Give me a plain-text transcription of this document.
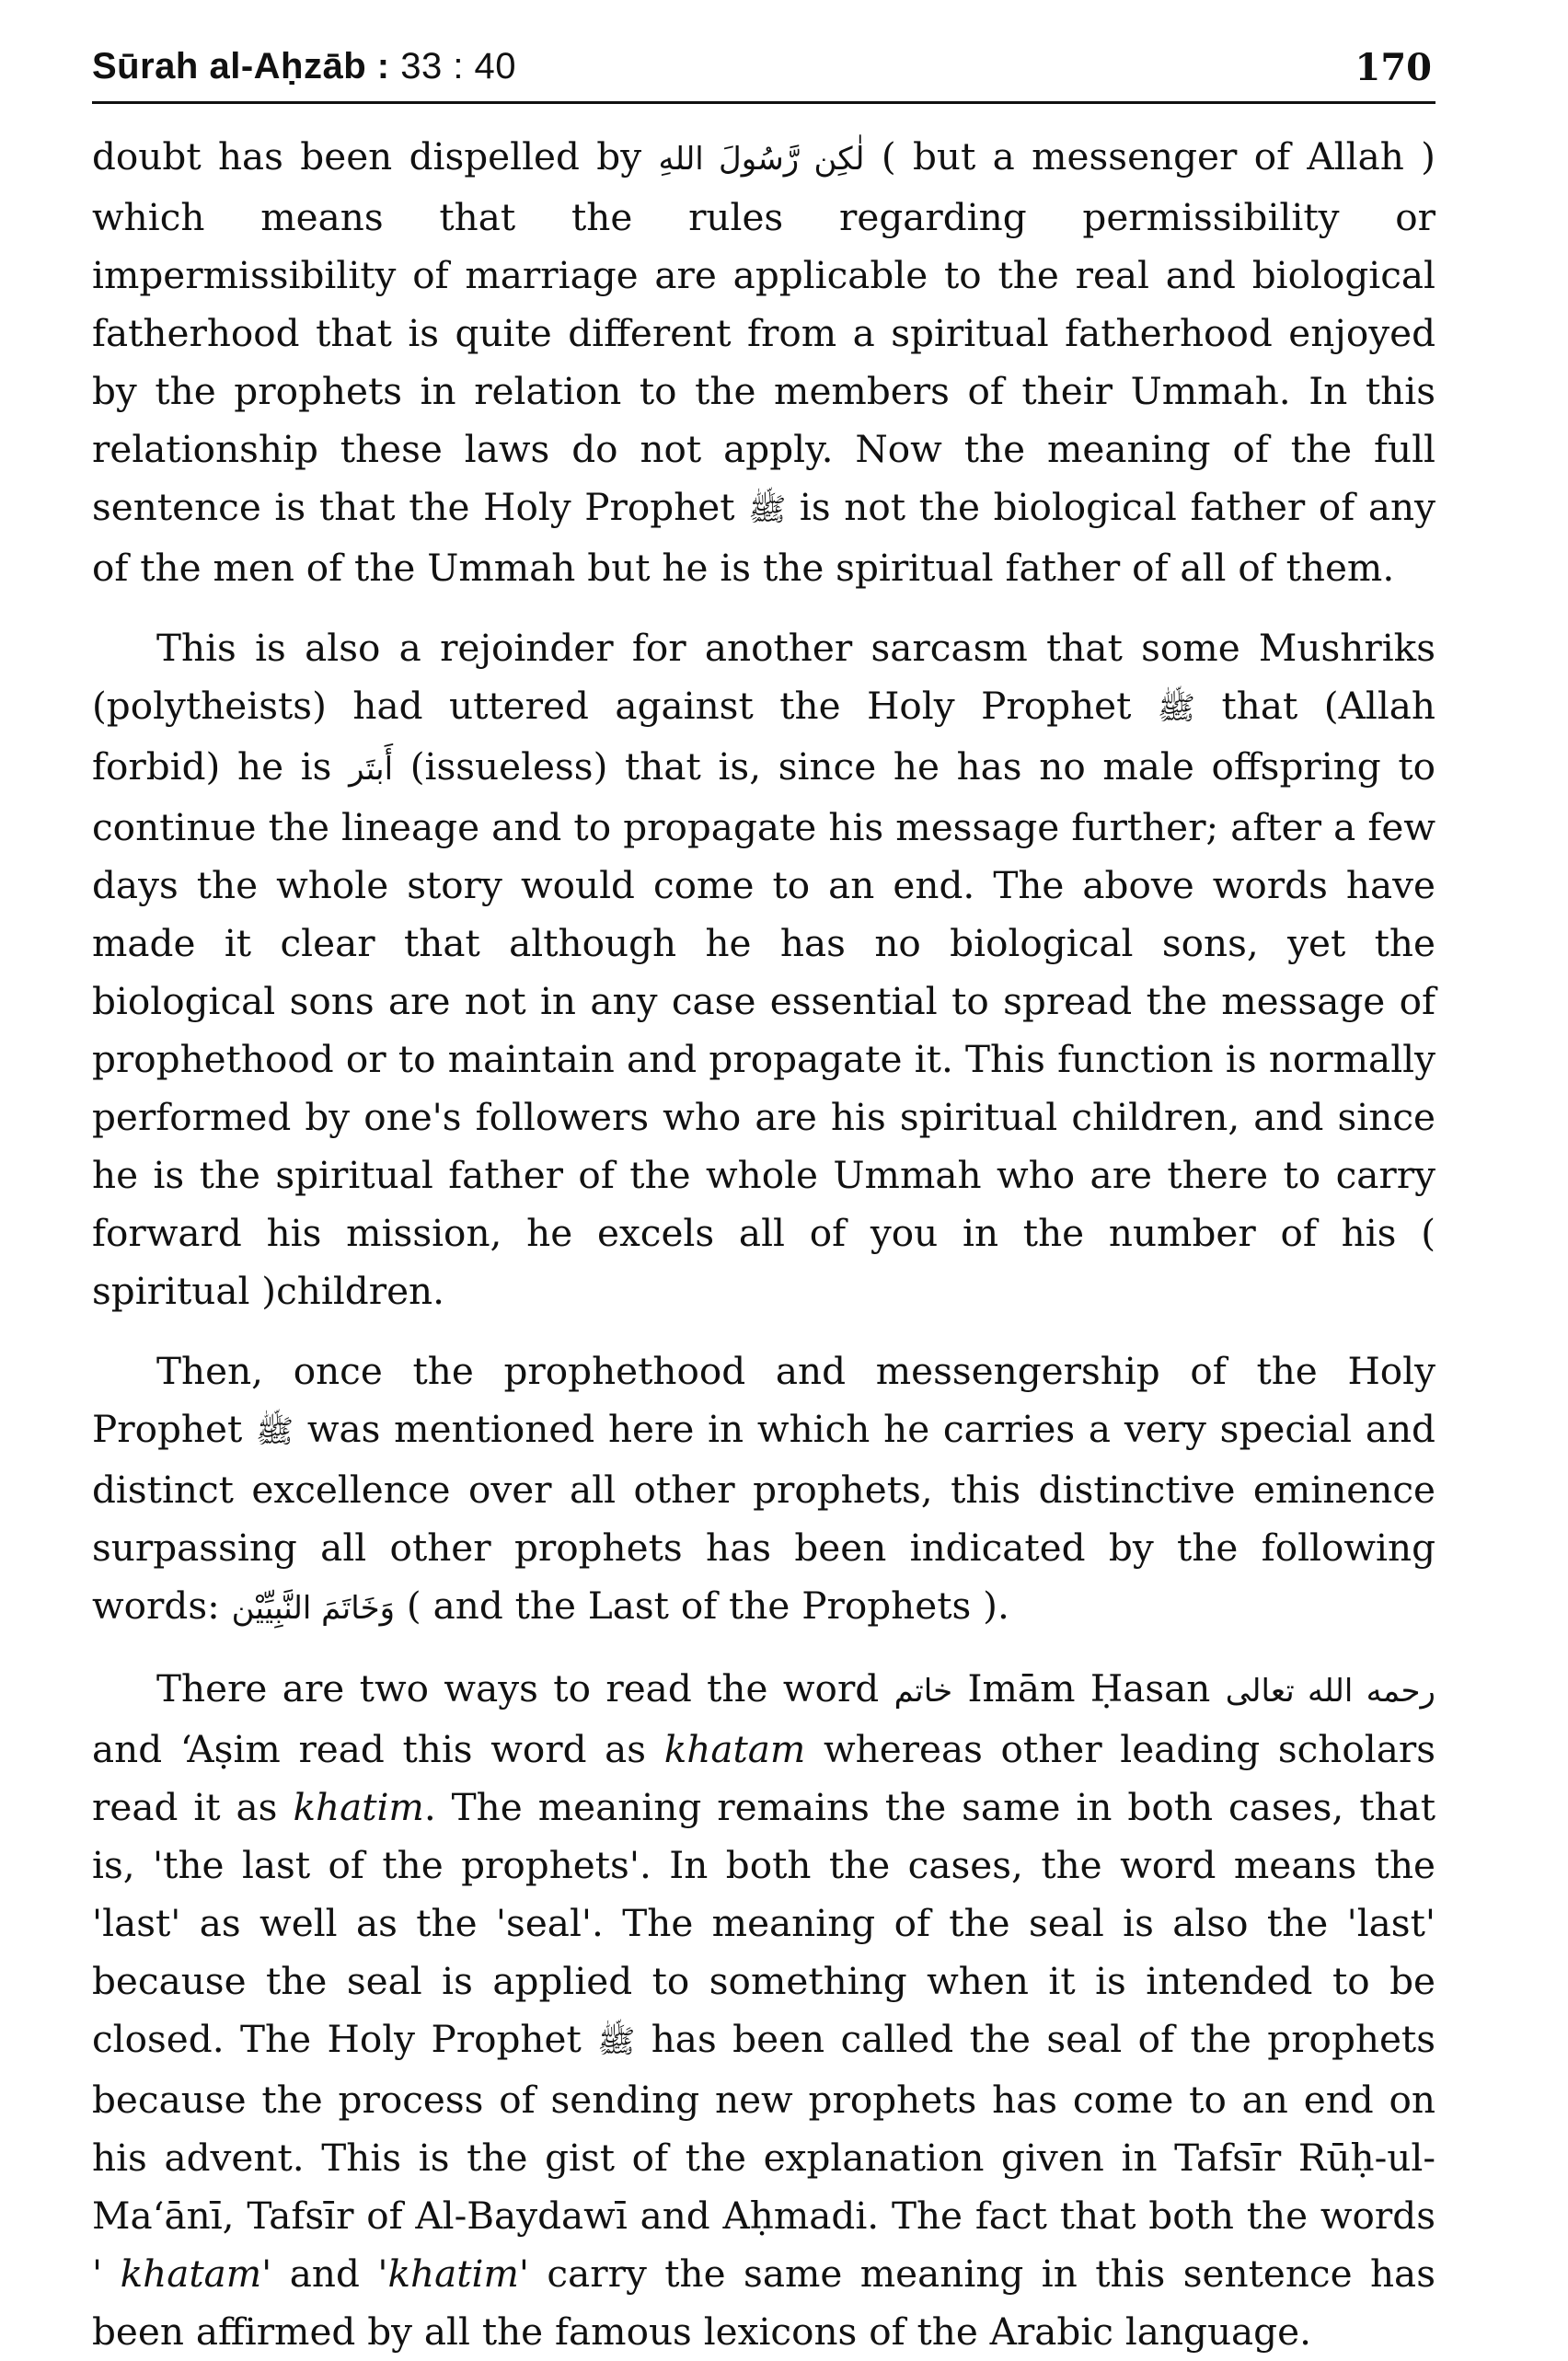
Sūrah al-Aḥzāb : 33 : 40	170

doubt has been dispelled by لٰكِن رَّسُولَ اللهِ ( but a messenger of Allah ) which means that the rules regarding permissibility or impermissibility of marriage are applicable to the real and biological fatherhood that is quite different from a spiritual fatherhood enjoyed by the prophets in relation to the members of their Ummah. In this relationship these laws do not apply. Now the meaning of the full sentence is that the Holy Prophet ﷺ is not the biological father of any of the men of the Ummah but he is the spiritual father of all of them.

This is also a rejoinder for another sarcasm that some Mushriks (polytheists) had uttered against the Holy Prophet ﷺ that (Allah forbid) he is أَبتَر (issueless) that is, since he has no male offspring to continue the lineage and to propagate his message further; after a few days the whole story would come to an end. The above words have made it clear that although he has no biological sons, yet the biological sons are not in any case essential to spread the message of prophethood or to maintain and propagate it. This function is normally performed by one's followers who are his spiritual children, and since he is the spiritual father of the whole Ummah who are there to carry forward his mission, he excels all of you in the number of his ( spiritual )children.

Then, once the prophethood and messengership of the Holy Prophet ﷺ was mentioned here in which he carries a very special and distinct excellence over all other prophets, this distinctive eminence surpassing all other prophets has been indicated by the following words: وَخَاتَمَ النَّبِيِّيْن ( and the Last of the Prophets ).

There are two ways to read the word خاتم Imām Ḥasan رحمه الله تعالى and ‘Aṣim read this word as khatam whereas other leading scholars read it as khatim. The meaning remains the same in both cases, that is, 'the last of the prophets'. In both the cases, the word means the 'last' as well as the 'seal'. The meaning of the seal is also the 'last' because the seal is applied to something when it is intended to be closed. The Holy Prophet ﷺ has been called the seal of the prophets because the process of sending new prophets has come to an end on his advent. This is the gist of the explanation given in Tafsīr Rūḥ-ul-Ma‘ānī, Tafsīr of Al-Baydawī and Aḥmadi. The fact that both the words ' khatam' and 'khatim' carry the same meaning in this sentence has been affirmed by all the famous lexicons of the Arabic language.
